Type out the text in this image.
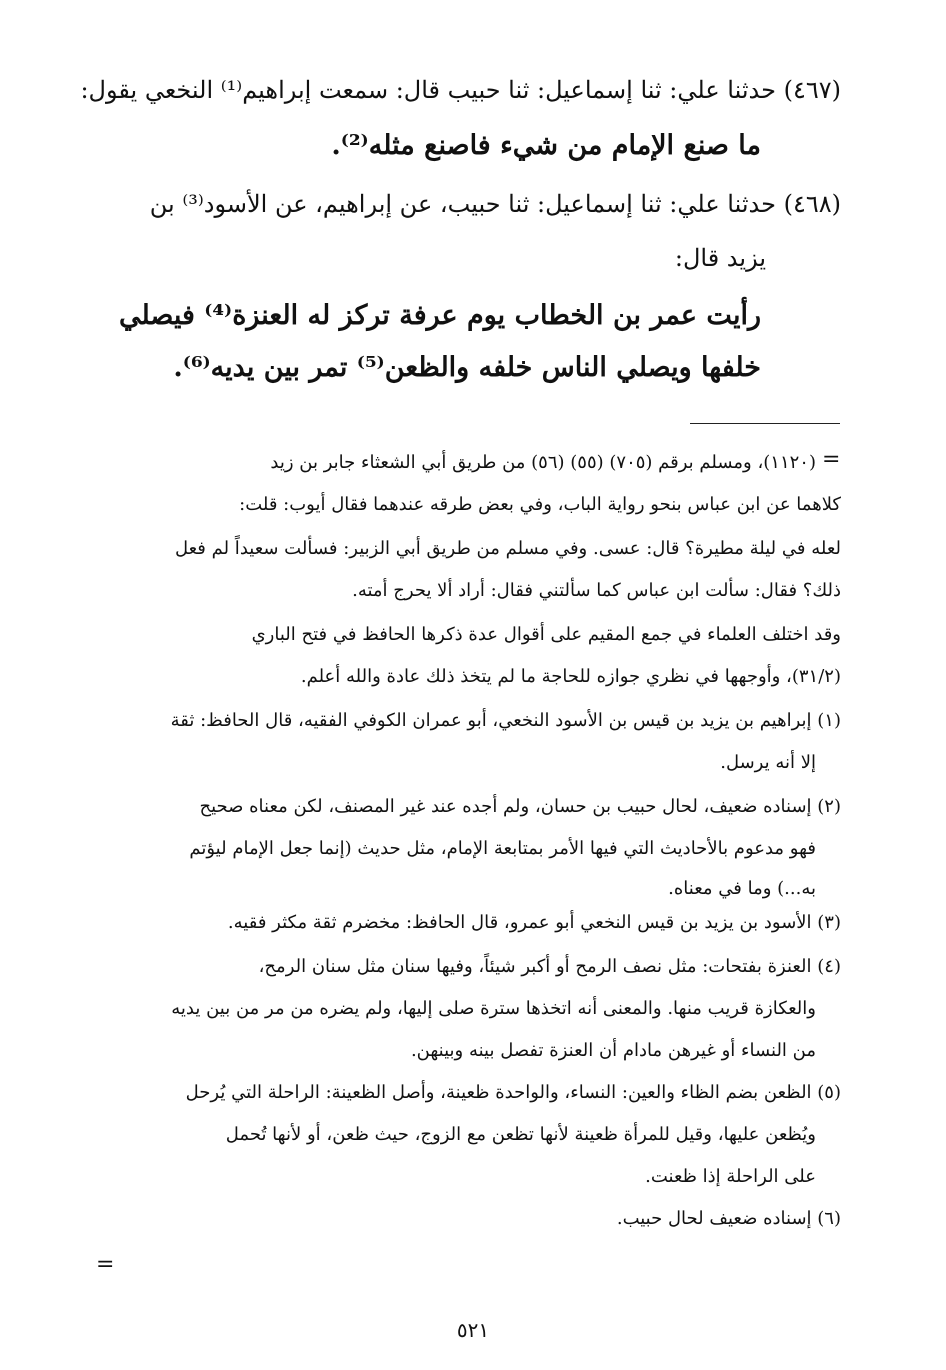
(٤٦٧) حدثنا علي: ثنا إسماعيل: ثنا حبيب قال: سمعت إبراهيم⁽¹⁾ النخعي يقول:
ما صنع الإمام من شيء فاصنع مثله⁽²⁾.
(٤٦٨) حدثنا علي: ثنا إسماعيل: ثنا حبيب، عن إبراهيم، عن الأسود⁽³⁾ بن
يزيد قال:
رأيت عمر بن الخطاب يوم عرفة تركز له العنزة⁽⁴⁾ فيصلي
خلفها ويصلي الناس خلفه والظعن⁽⁵⁾ تمر بين يديه⁽⁶⁾.
=
(١١٢٠)، ومسلم برقم (٧٠٥) (٥٥) (٥٦) من طريق أبي الشعثاء جابر بن زيد
كلاهما عن ابن عباس بنحو رواية الباب، وفي بعض طرقه عندهما فقال أيوب: قلت:
لعله في ليلة مطيرة؟ قال: عسى. وفي مسلم من طريق أبي الزبير: فسألت سعيداً لم فعل
ذلك؟ فقال: سألت ابن عباس كما سألتني فقال: أراد ألا يحرج أمته.
وقد اختلف العلماء في جمع المقيم على أقوال عدة ذكرها الحافظ في فتح الباري
(٣١/٢)، وأوجهها في نظري جوازه للحاجة ما لم يتخذ ذلك عادة والله أعلم.
(١) إبراهيم بن يزيد بن قيس بن الأسود النخعي، أبو عمران الكوفي الفقيه، قال الحافظ: ثقة
إلا أنه يرسل.
(٢) إسناده ضعيف، لحال حبيب بن حسان، ولم أجده عند غير المصنف، لكن معناه صحيح
فهو مدعوم بالأحاديث التي فيها الأمر بمتابعة الإمام، مثل حديث (إنما جعل الإمام ليؤتم
به...) وما في معناه.
(٣) الأسود بن يزيد بن قيس النخعي أبو عمرو، قال الحافظ: مخضرم ثقة مكثر فقيه.
(٤) العنزة بفتحات: مثل نصف الرمح أو أكبر شيئاً، وفيها سنان مثل سنان الرمح،
والعكازة قريب منها. والمعنى أنه اتخذها سترة صلى إليها، ولم يضره من مر من بين يديه
من النساء أو غيرهن مادام أن العنزة تفصل بينه وبينهن.
(٥) الظعن بضم الظاء والعين: النساء، والواحدة ظعينة، وأصل الظعينة: الراحلة التي يُرحل
ويُظعن عليها، وقيل للمرأة ظعينة لأنها تظعن مع الزوج، حيث ظعن، أو لأنها تُحمل
على الراحلة إذا ظعنت.
(٦) إسناده ضعيف لحال حبيب.
=
٥٢١
